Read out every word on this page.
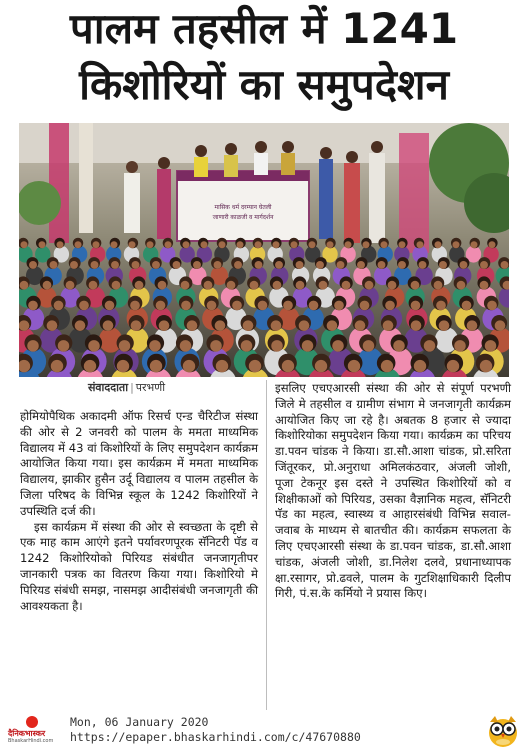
पालम तहसील में 1241
किशोरियों का समुपदेशन
मासिक धर्म दरम्यान घेतली
जाणारी काळजी व मार्गदर्शन
संवाददाता | परभणी

होमियोपैथिक अकादमी ऑफ रिसर्च एन्ड चैरिटीज संस्था की ओर से 2 जनवरी को पालम के ममता माध्यमिक विद्यालय में 43 वां किशोरियों के लिए समुपदेशन कार्यक्रम आयोजित किया गया। इस कार्यक्रम में ममता माध्यमिक विद्यालय, झाकीर हुसैन उर्दू विद्यालय व पालम तहसील के जिला परिषद के विभिन्न स्कूल के 1242 किशोरियों ने उपस्थिति दर्ज की।

इस कार्यक्रम में संस्था की ओर से स्वच्छता के दृष्टी से एक माह काम आएंगे इतने पर्यावरणपूरक सॅनिटरी पॅड व 1242 किशोरियोको पिरियड संबंधीत जनजागृतीपर जानकारी पत्रक का वितरण किया गया। किशोरियो मे पिरियड संबंधी समझ, नासमझ आदीसंबंधी जनजागृती की आवश्यकता है।

इसलिए एचएआरसी संस्था की ओर से संपूर्ण परभणी जिले मे तहसील व ग्रामीण संभाग मे जनजागृती कार्यक्रम आयोजित किए जा रहे है। अबतक 8 हजार से ज्यादा किशोरियोका समुपदेशन किया गया। कार्यक्रम का परिचय डा.पवन चांडक ने किया। डा.सौ.आशा चांडक, प्रो.सरिता जिंतूरकर, प्रो.अनुराधा अमिलकंठवार, अंजली जोशी, पूजा टेकनूर इस दस्ते ने उपस्थित किशोरियों को व शिक्षीकाओं को पिरियड, उसका वैज्ञानिक महत्व, सॅनिटरी पॅड का महत्व, स्वास्थ्य व आहारसंबंधी विभिन्न सवाल-जवाब के माध्यम से बातचीत की। कार्यक्रम सफलता के लिए एचएआरसी संस्था के डा.पवन चांडक, डा.सौ.आशा चांडक, अंजली जोशी, डा.निलेश दलवे, प्रधानाध्यापक क्षा.रसागर, प्रो.ढवले, पालम के गुटशिक्षाधिकारी दिलीप गिरी, पं.स.के कर्मियो ने प्रयास किए।

दैनिकभास्कर
BhaskarHindi.com
Mon, 06 January 2020
https://epaper.bhaskarhindi.com/c/47670880
